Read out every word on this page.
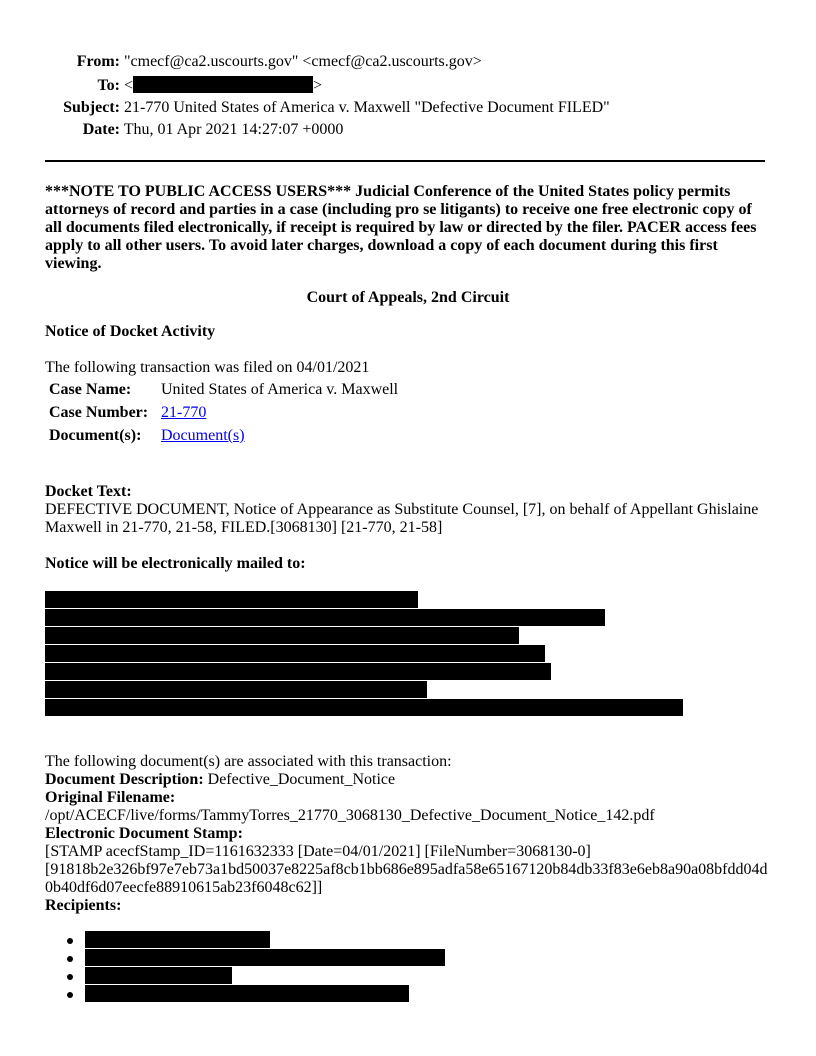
From: "cmecf@ca2.uscourts.gov" <cmecf@ca2.uscourts.gov>
To: <	>
Subject: 21-770 United States of America v. Maxwell "Defective Document FILED"
Date: Thu, 01 Apr 2021 14:27:07 +0000
***NOTE TO PUBLIC ACCESS USERS*** Judicial Conference of the United States policy permits attorneys of record and parties in a case (including pro se litigants) to receive one free electronic copy of all documents filed electronically, if receipt is required by law or directed by the filer. PACER access fees apply to all other users. To avoid later charges, download a copy of each document during this first viewing.
Court of Appeals, 2nd Circuit
Notice of Docket Activity
The following transaction was filed on 04/01/2021
Case Name: United States of America v. Maxwell
Case Number: 21-770
Document(s): Document(s)
Docket Text:
DEFECTIVE DOCUMENT, Notice of Appearance as Substitute Counsel, [7], on behalf of Appellant Ghislaine Maxwell in 21-770, 21-58, FILED.[3068130] [21-770, 21-58]
Notice will be electronically mailed to:
The following document(s) are associated with this transaction:
Document Description: Defective_Document_Notice
Original Filename:
/opt/ACECF/live/forms/TammyTorres_21770_3068130_Defective_Document_Notice_142.pdf
Electronic Document Stamp:
[STAMP acecfStamp_ID=1161632333 [Date=04/01/2021] [FileNumber=3068130-0]
[91818b2e326bf97e7eb73a1bd50037e8225af8cb1bb686e895adfa58e65167120b84db33f83e6eb8a90a08bfdd04d
0b40df6d07eecfe88910615ab23f6048c62]]
Recipients:
